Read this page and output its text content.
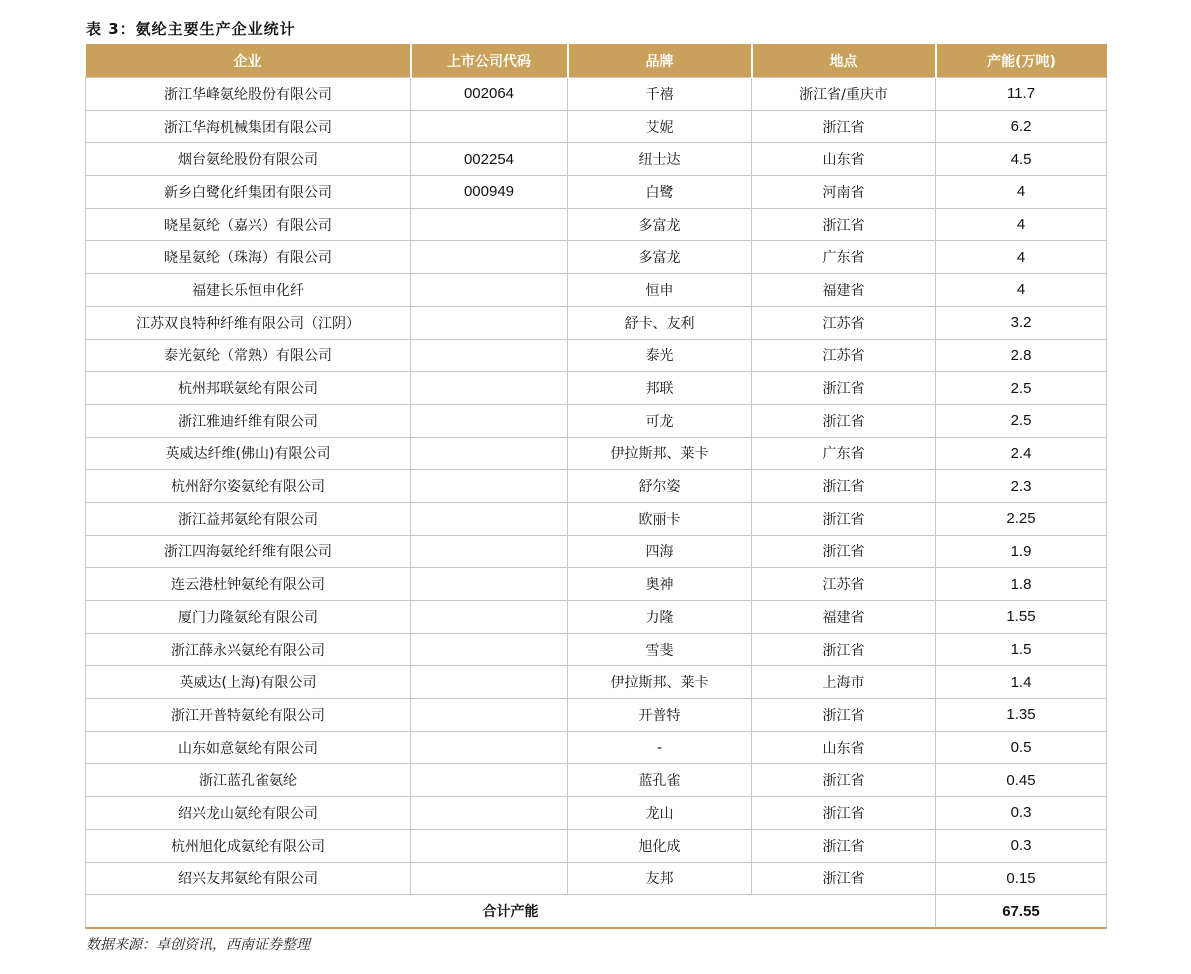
表 3：氨纶主要生产企业统计
企业	上市公司代码	品牌	地点	产能(万吨)
浙江华峰氨纶股份有限公司	002064	千禧	浙江省/重庆市	11.7
浙江华海机械集团有限公司		艾妮	浙江省	6.2
烟台氨纶股份有限公司	002254	纽士达	山东省	4.5
新乡白鹭化纤集团有限公司	000949	白鹭	河南省	4
晓星氨纶（嘉兴）有限公司		多富龙	浙江省	4
晓星氨纶（珠海）有限公司		多富龙	广东省	4
福建长乐恒申化纤		恒申	福建省	4
江苏双良特种纤维有限公司（江阴）		舒卡、友利	江苏省	3.2
泰光氨纶（常熟）有限公司		泰光	江苏省	2.8
杭州邦联氨纶有限公司		邦联	浙江省	2.5
浙江雅迪纤维有限公司		可龙	浙江省	2.5
英威达纤维(佛山)有限公司		伊拉斯邦、莱卡	广东省	2.4
杭州舒尔姿氨纶有限公司		舒尔姿	浙江省	2.3
浙江益邦氨纶有限公司		欧丽卡	浙江省	2.25
浙江四海氨纶纤维有限公司		四海	浙江省	1.9
连云港杜钟氨纶有限公司		奥神	江苏省	1.8
厦门力隆氨纶有限公司		力隆	福建省	1.55
浙江薛永兴氨纶有限公司		雪斐	浙江省	1.5
英威达(上海)有限公司		伊拉斯邦、莱卡	上海市	1.4
浙江开普特氨纶有限公司		开普特	浙江省	1.35
山东如意氨纶有限公司		-	山东省	0.5
浙江蓝孔雀氨纶		蓝孔雀	浙江省	0.45
绍兴龙山氨纶有限公司		龙山	浙江省	0.3
杭州旭化成氨纶有限公司		旭化成	浙江省	0.3
绍兴友邦氨纶有限公司		友邦	浙江省	0.15
合计产能				67.55
数据来源：卓创资讯，西南证券整理
